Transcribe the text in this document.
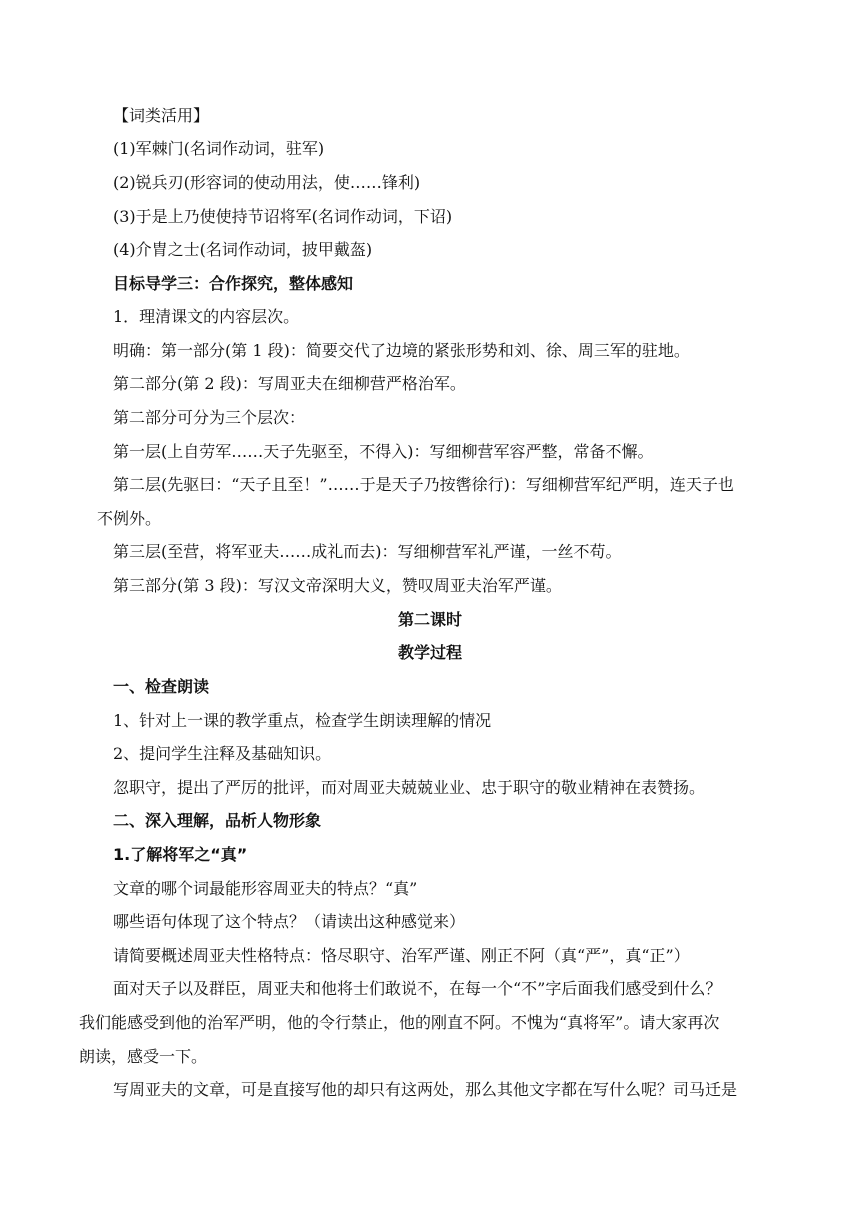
【词类活用】
(1)军棘门(名词作动词，驻军)
(2)锐兵刃(形容词的使动用法，使……锋利)
(3)于是上乃使使持节诏将军(名词作动词，下诏)
(4)介胄之士(名词作动词，披甲戴盔)
目标导学三：合作探究，整体感知
1．理清课文的内容层次。
明确：第一部分(第 1 段)：简要交代了边境的紧张形势和刘、徐、周三军的驻地。
第二部分(第 2 段)：写周亚夫在细柳营严格治军。
第二部分可分为三个层次：
第一层(上自劳军……天子先驱至，不得入)：写细柳营军容严整，常备不懈。
第二层(先驱曰：“天子且至！”……于是天子乃按辔徐行)：写细柳营军纪严明，连天子也
不例外。
第三层(至营，将军亚夫……成礼而去)：写细柳营军礼严谨，一丝不苟。
第三部分(第 3 段)：写汉文帝深明大义，赞叹周亚夫治军严谨。
第二课时
教学过程
一、检查朗读
1、针对上一课的教学重点，检查学生朗读理解的情况
2、提问学生注释及基础知识。
忽职守，提出了严厉的批评，而对周亚夫兢兢业业、忠于职守的敬业精神在表赞扬。
二、深入理解，品析人物形象
1.了解将军之“真”
文章的哪个词最能形容周亚夫的特点？“真”
哪些语句体现了这个特点？（请读出这种感觉来）
请简要概述周亚夫性格特点：恪尽职守、治军严谨、刚正不阿（真“严”，真“正”）
面对天子以及群臣，周亚夫和他将士们敢说不，在每一个“不”字后面我们感受到什么？
我们能感受到他的治军严明，他的令行禁止，他的刚直不阿。不愧为“真将军”。请大家再次
朗读，感受一下。
写周亚夫的文章，可是直接写他的却只有这两处，那么其他文字都在写什么呢？司马迁是
